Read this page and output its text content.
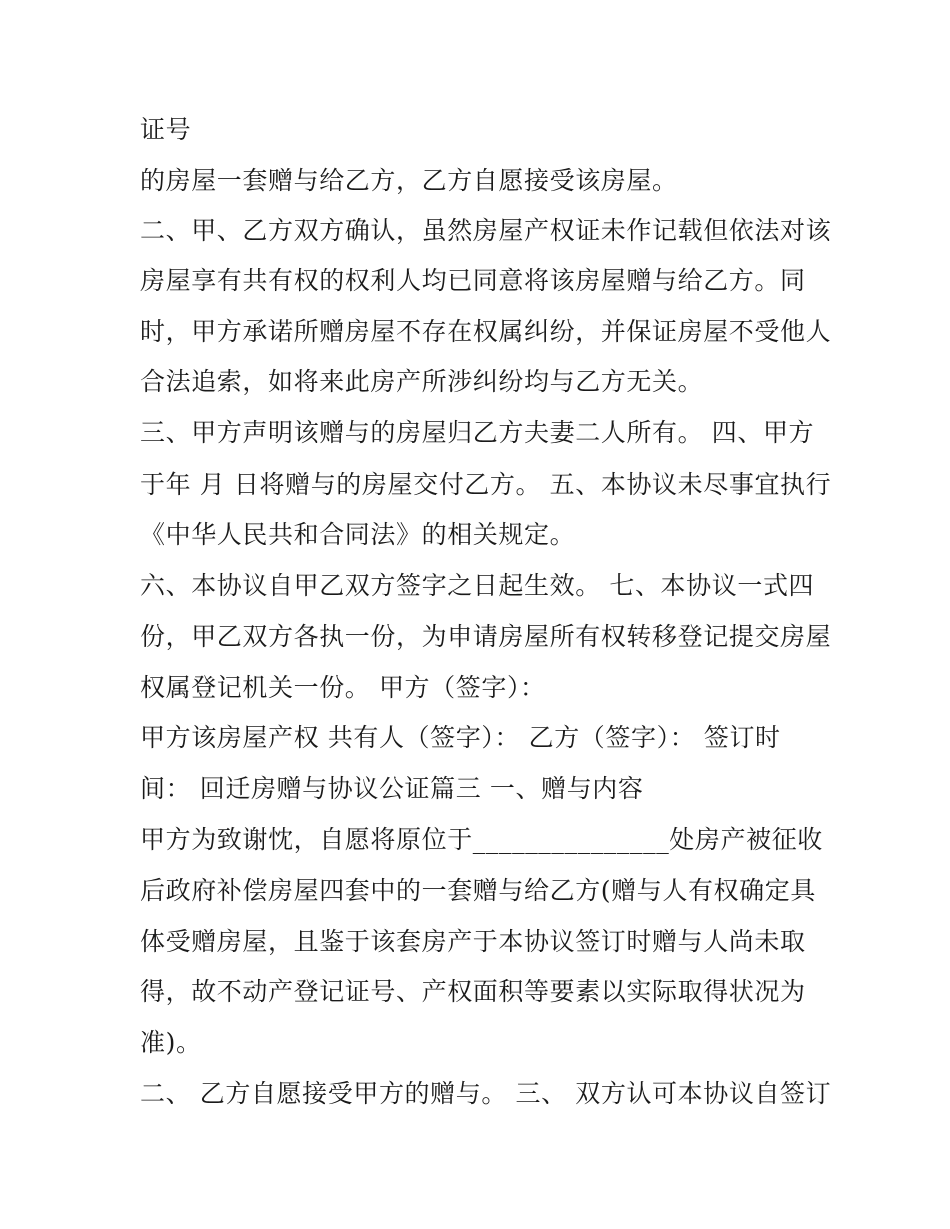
证号
的房屋一套赠与给乙方，乙方自愿接受该房屋。
二、甲、乙方双方确认，虽然房屋产权证未作记载但依法对该
房屋享有共有权的权利人均已同意将该房屋赠与给乙方。同
时，甲方承诺所赠房屋不存在权属纠纷，并保证房屋不受他人
合法追索，如将来此房产所涉纠纷均与乙方无关。
三、甲方声明该赠与的房屋归乙方夫妻二人所有。 四、甲方
于年 月 日将赠与的房屋交付乙方。 五、本协议未尽事宜执行
《中华人民共和合同法》的相关规定。
六、本协议自甲乙双方签字之日起生效。 七、本协议一式四
份，甲乙双方各执一份，为申请房屋所有权转移登记提交房屋
权属登记机关一份。 甲方（签字）：
甲方该房屋产权 共有人（签字）： 乙方（签字）： 签订时
间： 回迁房赠与协议公证篇三 一、赠与内容
甲方为致谢忱，自愿将原位于_______________处房产被征收
后政府补偿房屋四套中的一套赠与给乙方(赠与人有权确定具
体受赠房屋，且鉴于该套房产于本协议签订时赠与人尚未取
得，故不动产登记证号、产权面积等要素以实际取得状况为
准)。
二、 乙方自愿接受甲方的赠与。 三、 双方认可本协议自签订
